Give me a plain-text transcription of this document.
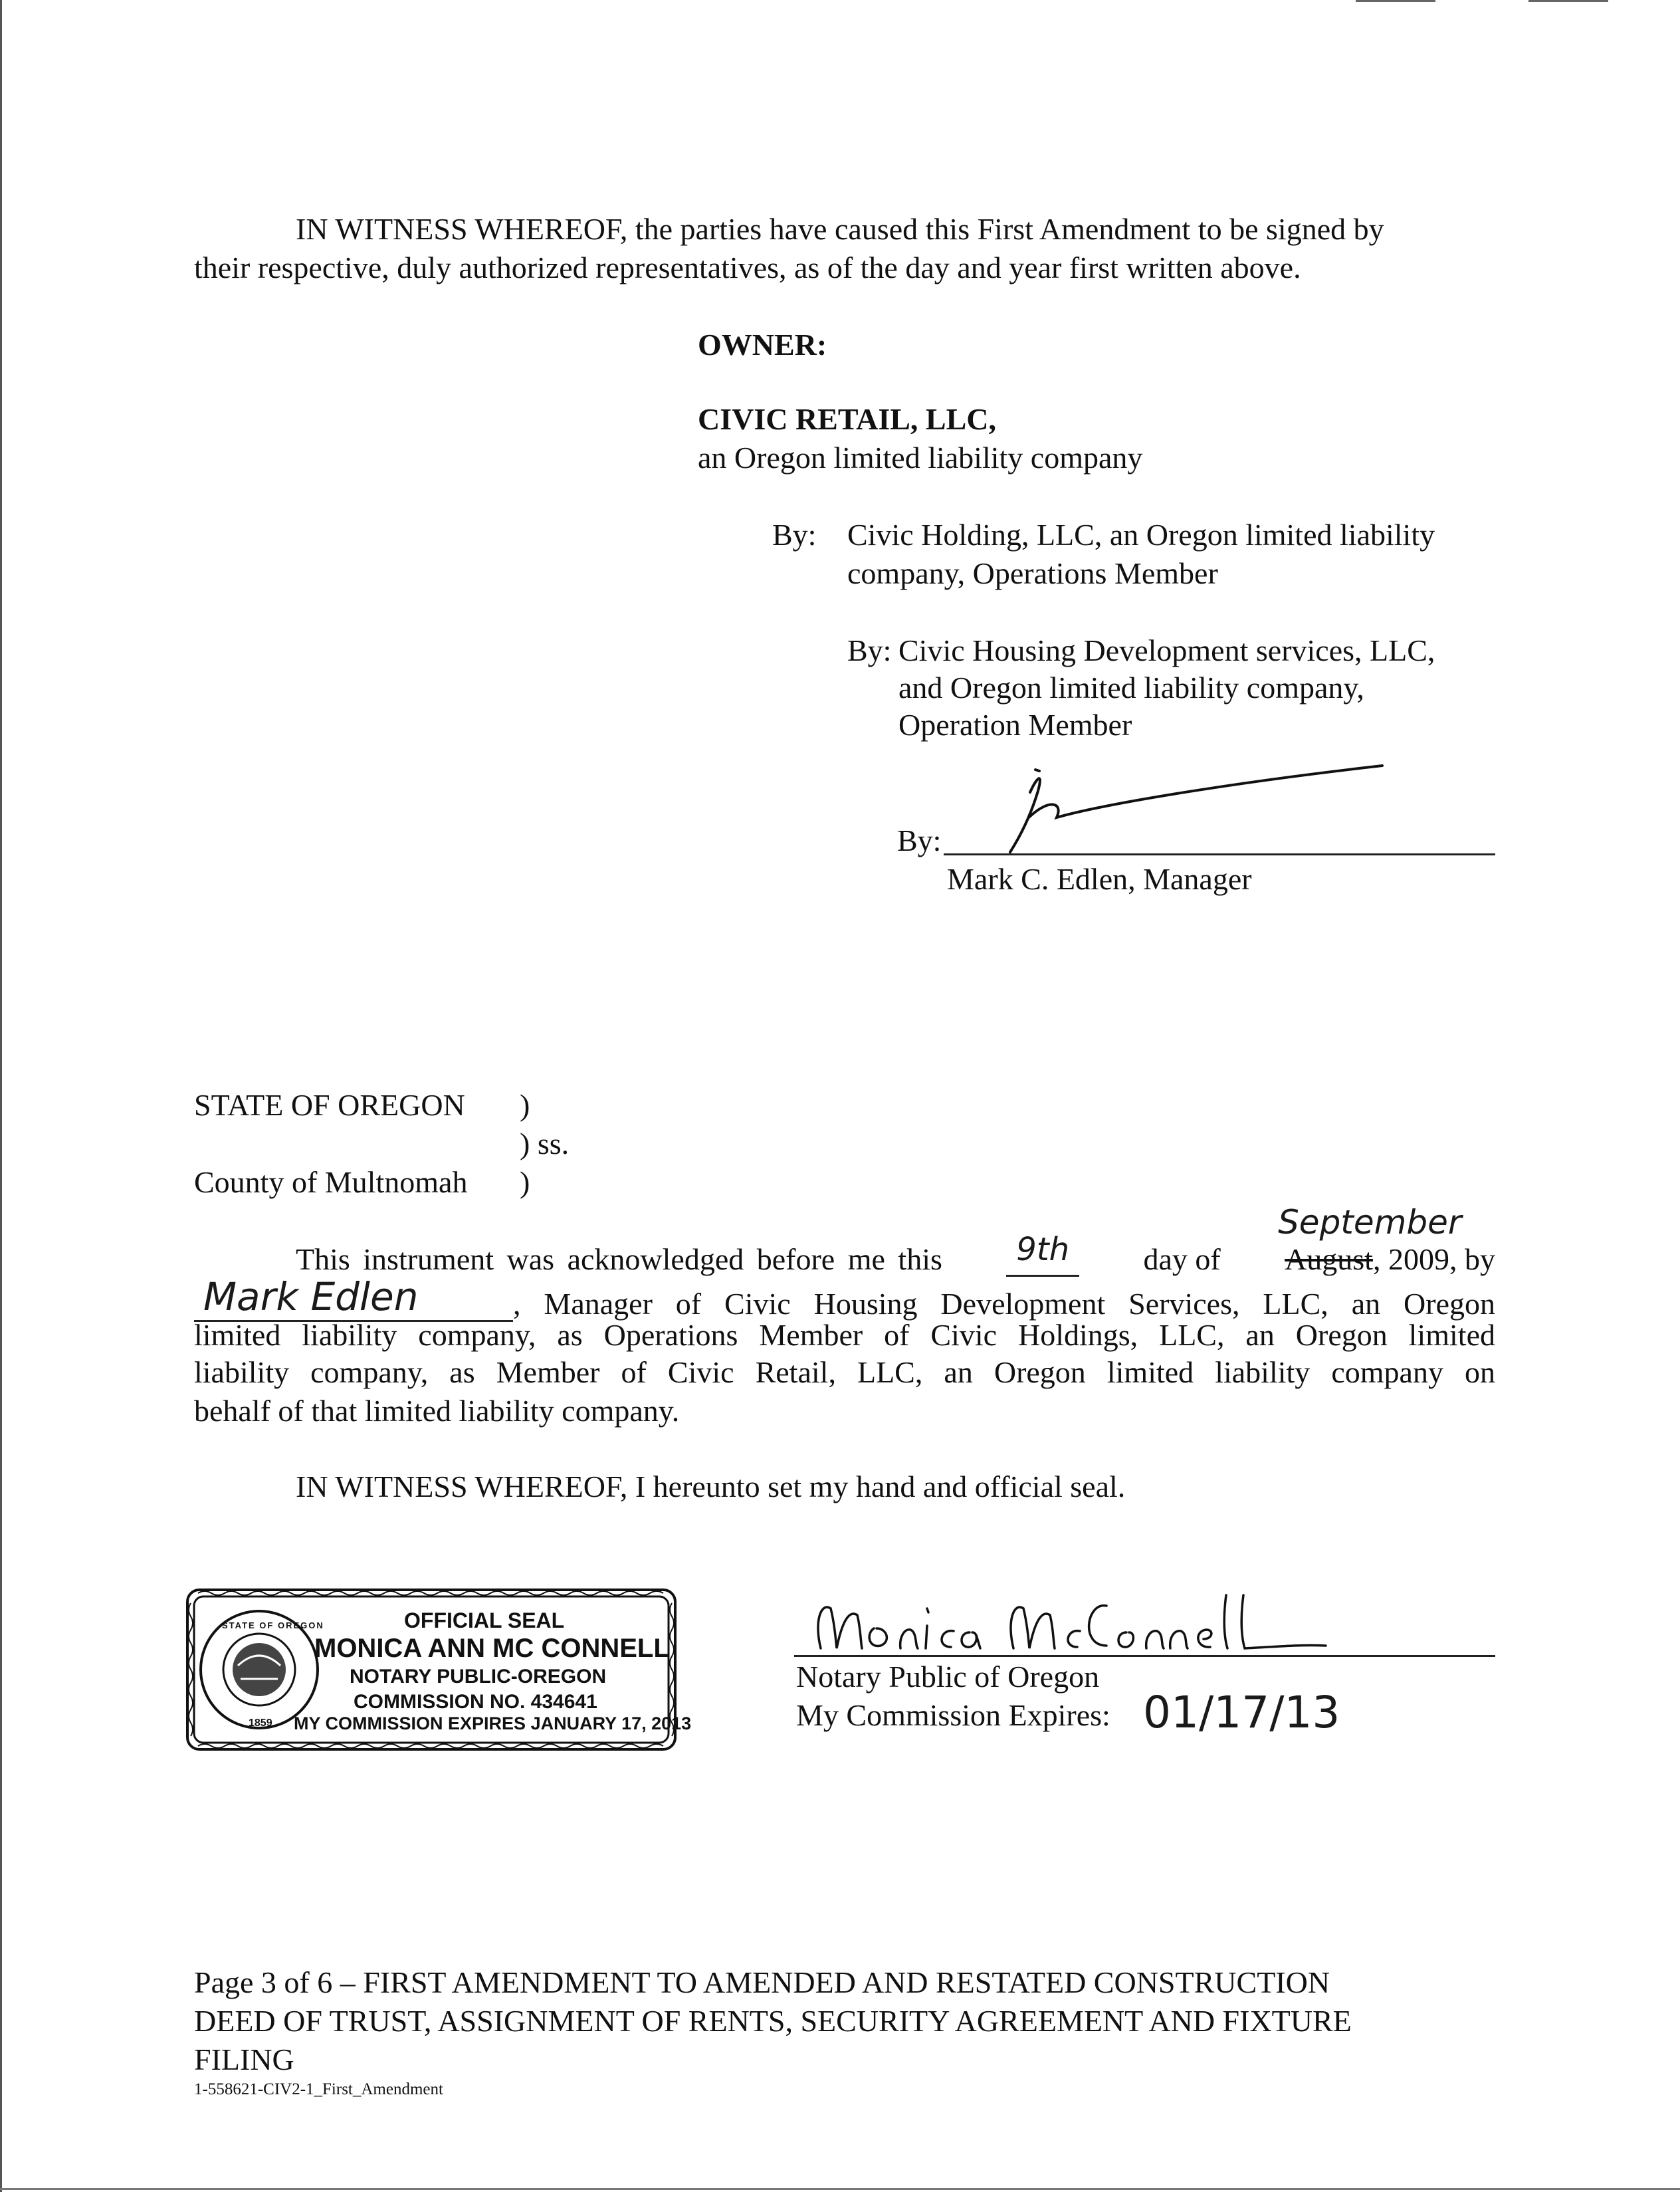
IN WITNESS WHEREOF, the parties have caused this First Amendment to be signed by
their respective, duly authorized representatives, as of the day and year first written above.
OWNER:
CIVIC RETAIL, LLC,
an Oregon limited liability company
By: Civic Holding, LLC, an Oregon limited liability
company, Operations Member
By: Civic Housing Development services, LLC,
and Oregon limited liability company,
Operation Member
By:
Mark C. Edlen, Manager
STATE OF OREGON )
) ss.
County of Multnomah )
This instrument was acknowledged before me this	9th	day of August, 2009, by
September
Mark Edlen	, Manager of Civic Housing Development Services, LLC, an Oregon
limited liability company, as Operations Member of Civic Holdings, LLC, an Oregon limited
liability company, as Member of Civic Retail, LLC, an Oregon limited liability company on
behalf of that limited liability company.
IN WITNESS WHEREOF, I hereunto set my hand and official seal.
STATE OF OREGON
1859
OFFICIAL SEAL
MONICA ANN MC CONNELL
NOTARY PUBLIC-OREGON
COMMISSION NO. 434641
MY COMMISSION EXPIRES JANUARY 17, 2013
Notary Public of Oregon
My Commission Expires: 01/17/13
Page 3 of 6 – FIRST AMENDMENT TO AMENDED AND RESTATED CONSTRUCTION
DEED OF TRUST, ASSIGNMENT OF RENTS, SECURITY AGREEMENT AND FIXTURE
FILING
1-558621-CIV2-1_First_Amendment
